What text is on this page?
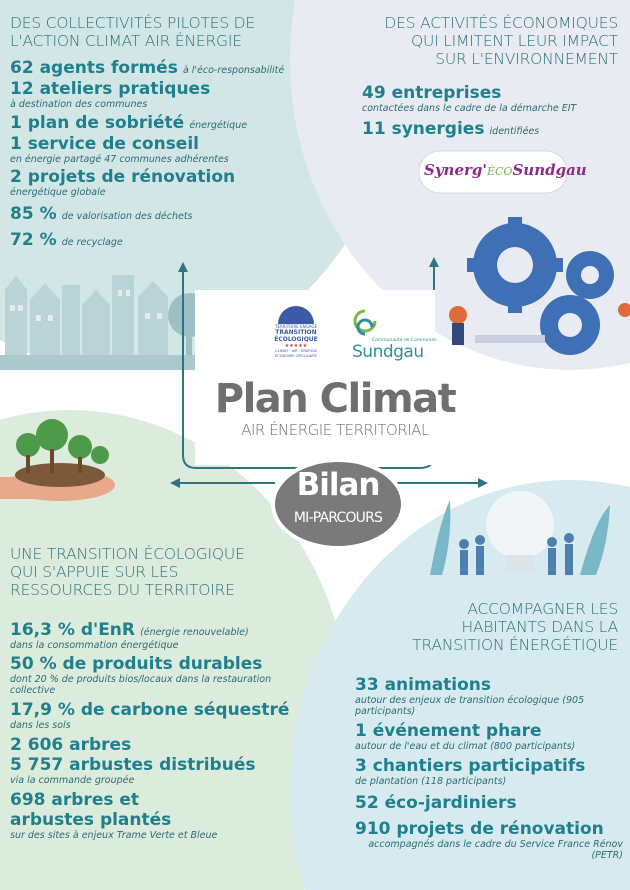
Synerg'ÉCOSundgau
TERRITOIRE ENGAGÉ
TRANSITION
ÉCOLOGIQUE
★★★★★
CLIMAT · AIR · ÉNERGIE
ÉCONOMIE CIRCULAIRE
Communauté de Communes
Sundgau
Plan Climat
AIR ÉNERGIE TERRITORIAL
Bilan
MI-PARCOURS
DES COLLECTIVITÉS PILOTES DE
L'ACTION CLIMAT AIR ÉNERGIE
62 agents formés à l'éco-responsabilité
12 ateliers pratiques
à destination des communes
1 plan de sobriété énergétique
1 service de conseil
en énergie partagé 47 communes adhérentes
2 projets de rénovation
énergétique globale
85 % de valorisation des déchets
72 % de recyclage
DES ACTIVITÉS ÉCONOMIQUES
QUI LIMITENT LEUR IMPACT
SUR L'ENVIRONNEMENT
49 entreprises
contactées dans le cadre de la démarche EIT
11 synergies identifiées
UNE TRANSITION ÉCOLOGIQUE
QUI S'APPUIE SUR LES
RESSOURCES DU TERRITOIRE
16,3 % d'EnR (énergie renouvelable)
dans la consommation énergétique
50 % de produits durables
dont 20 % de produits bios/locaux dans la restauration collective
17,9 % de carbone séquestré
dans les sols
2 606 arbres
5 757 arbustes distribués
via la commande groupée
698 arbres et
arbustes plantés
sur des sites à enjeux Trame Verte et Bleue
ACCOMPAGNER LES
HABITANTS DANS LA
TRANSITION ÉNERGÉTIQUE
33 animations
autour des enjeux de transition écologique (905 participants)
1 événement phare
autour de l'eau et du climat (800 participants)
3 chantiers participatifs
de plantation (118 participants)
52 éco-jardiniers
910 projets de rénovation
accompagnés dans le cadre du Service France Rénov (PETR)
